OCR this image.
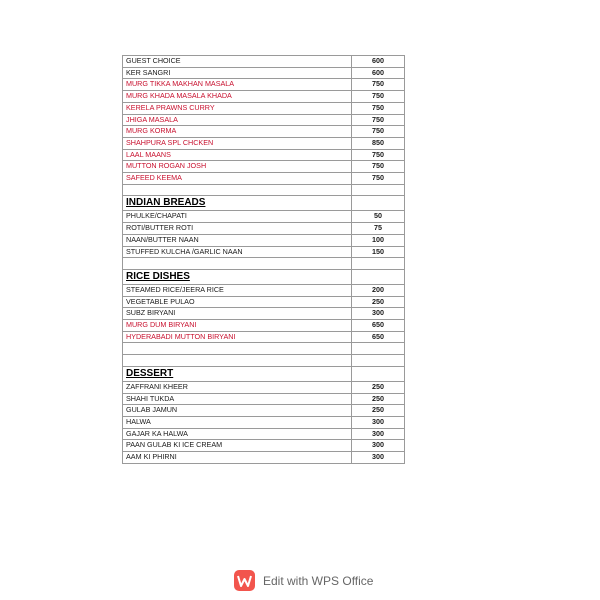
GUEST CHOICE	600
KER SANGRI	600
MURG TIKKA MAKHAN MASALA	750
MURG KHADA MASALA KHADA	750
KERELA PRAWNS CURRY	750
JHIGA MASALA	750
MURG KORMA	750
SHAHPURA SPL CHCKEN	850
LAAL MAANS	750
MUTTON ROGAN JOSH	750
SAFEED KEEMA	750

INDIAN BREADS	
PHULKE/CHAPATI	50
ROTI/BUTTER ROTI	75
NAAN/BUTTER NAAN	100
STUFFED KULCHA /GARLIC NAAN	150

RICE DISHES	
STEAMED RICE/JEERA RICE	200
VEGETABLE PULAO	250
SUBZ BIRYANI	300
MURG DUM BIRYANI	650
HYDERABADI MUTTON BIRYANI	650

DESSERT	
ZAFFRANI KHEER	250
SHAHI TUKDA	250
GULAB JAMUN	250
HALWA	300
GAJAR KA HALWA	300
PAAN GULAB KI ICE CREAM	300
AAM KI PHIRNI	300
Edit with WPS Office
